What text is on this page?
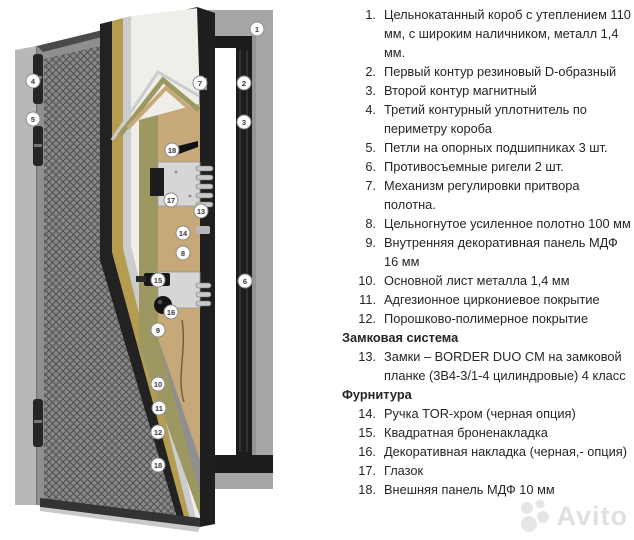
1
2
3
4
5
6
7
18
17
13
14
8
15
16
9
10
11
12
18
1. Цельнокатанный короб с утеплением 110 мм, с широким наличником, металл 1,4 мм.
2. Первый контур резиновый D-образный
3. Второй контур магнитный
4. Третий контурный уплотнитель по периметру короба
5. Петли на опорных подшипниках 3 шт.
6. Противосъемные ригели 2 шт.
7. Механизм регулировки притвора полотна.
8. Цельногнутое усиленное полотно 100 мм
9. Внутренняя декоративная панель МДФ 16 мм
10. Основной лист металла 1,4 мм
11. Адгезионное циркониевое покрытие
12. Порошково-полимерное покрытие
Замковая система
13. Замки – BORDER DUO CM на замковой планке (3В4-3/1-4 цилиндровые) 4 класс
Фурнитура
14. Ручка TOR-хром (черная опция)
15. Квадратная броненакладка
16. Декоративная накладка (черная,- опция)
17. Глазок
18. Внешняя панель МДФ 10 мм
Avito
